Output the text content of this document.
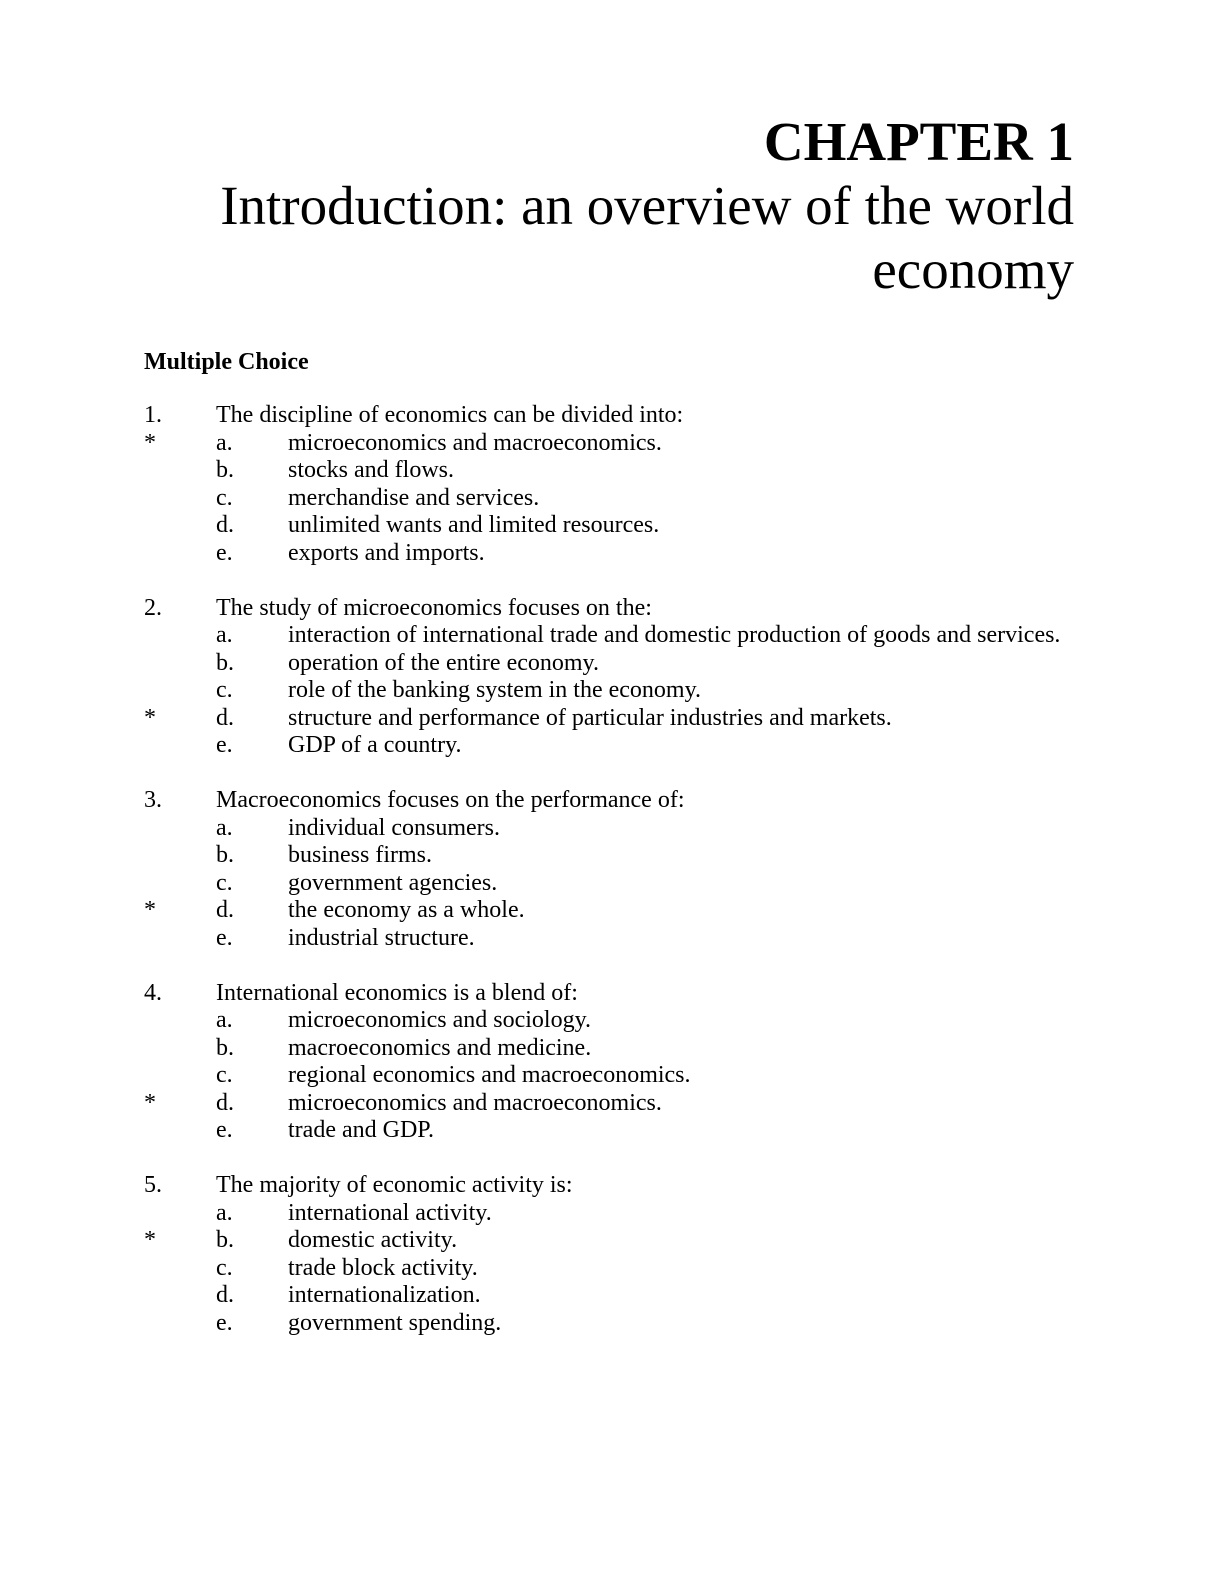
CHAPTER 1
Introduction: an overview of the world economy
Multiple Choice
1.	The discipline of economics can be divided into:
*	a.	microeconomics and macroeconomics.
b.	stocks and flows.
c.	merchandise and services.
d.	unlimited wants and limited resources.
e.	exports and imports.
2.	The study of microeconomics focuses on the:
a.	interaction of international trade and domestic production of goods and services.
b.	operation of the entire economy.
c.	role of the banking system in the economy.
*	d.	structure and performance of particular industries and markets.
e.	GDP of a country.
3.	Macroeconomics focuses on the performance of:
a.	individual consumers.
b.	business firms.
c.	government agencies.
*	d.	the economy as a whole.
e.	industrial structure.
4.	International economics is a blend of:
a.	microeconomics and sociology.
b.	macroeconomics and medicine.
c.	regional economics and macroeconomics.
*	d.	microeconomics and macroeconomics.
e.	trade and GDP.
5.	The majority of economic activity is:
a.	international activity.
*	b.	domestic activity.
c.	trade block activity.
d.	internationalization.
e.	government spending.
